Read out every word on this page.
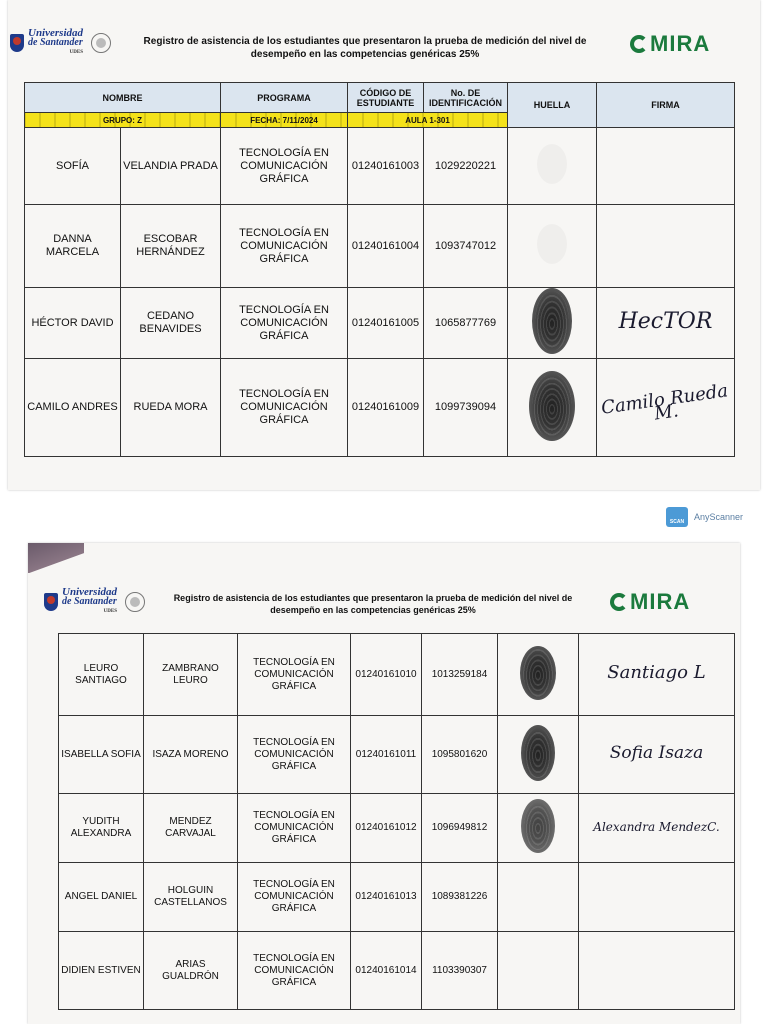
Universidad
de Santander
UDES
Registro de asistencia de los estudiantes que presentaron la prueba de medición del nivel de
desempeño en las competencias genéricas 25%	MIRA
NOMBRE		PROGRAMA	CÓDIGO DE ESTUDIANTE	No. DE IDENTIFICACIÓN	HUELLA	FIRMA
GRUPO: Z		FECHA: 7/11/2024	AULA 1-301			
SOFÍA	VELANDIA PRADA	TECNOLOGÍA EN COMUNICACIÓN GRÁFICA	01240161003	1029220221		
DANNA MARCELA	ESCOBAR HERNÁNDEZ	TECNOLOGÍA EN COMUNICACIÓN GRÁFICA	01240161004	1093747012		
HÉCTOR DAVID	CEDANO BENAVIDES	TECNOLOGÍA EN COMUNICACIÓN GRÁFICA	01240161005	1065877769		HecTOR
CAMILO ANDRES	RUEDA MORA	TECNOLOGÍA EN COMUNICACIÓN GRÁFICA	01240161009	1099739094		Camilo Rueda M.
SCAN AnyScanner
Universidad
de Santander
UDES
Registro de asistencia de los estudiantes que presentaron la prueba de medición del nivel de
desempeño en las competencias genéricas 25%	MIRA
LEURO SANTIAGO	ZAMBRANO LEURO	TECNOLOGÍA EN COMUNICACIÓN GRÁFICA	01240161010	1013259184		Santiago L
ISABELLA SOFIA	ISAZA MORENO	TECNOLOGÍA EN COMUNICACIÓN GRÁFICA	01240161011	1095801620		Sofia Isaza
YUDITH ALEXANDRA	MENDEZ CARVAJAL	TECNOLOGÍA EN COMUNICACIÓN GRÁFICA	01240161012	1096949812		Alexandra MendezC.
ANGEL DANIEL	HOLGUIN CASTELLANOS	TECNOLOGÍA EN COMUNICACIÓN GRÁFICA	01240161013	1089381226		
DIDIEN ESTIVEN	ARIAS GUALDRÓN	TECNOLOGÍA EN COMUNICACIÓN GRÁFICA	01240161014	1103390307		
